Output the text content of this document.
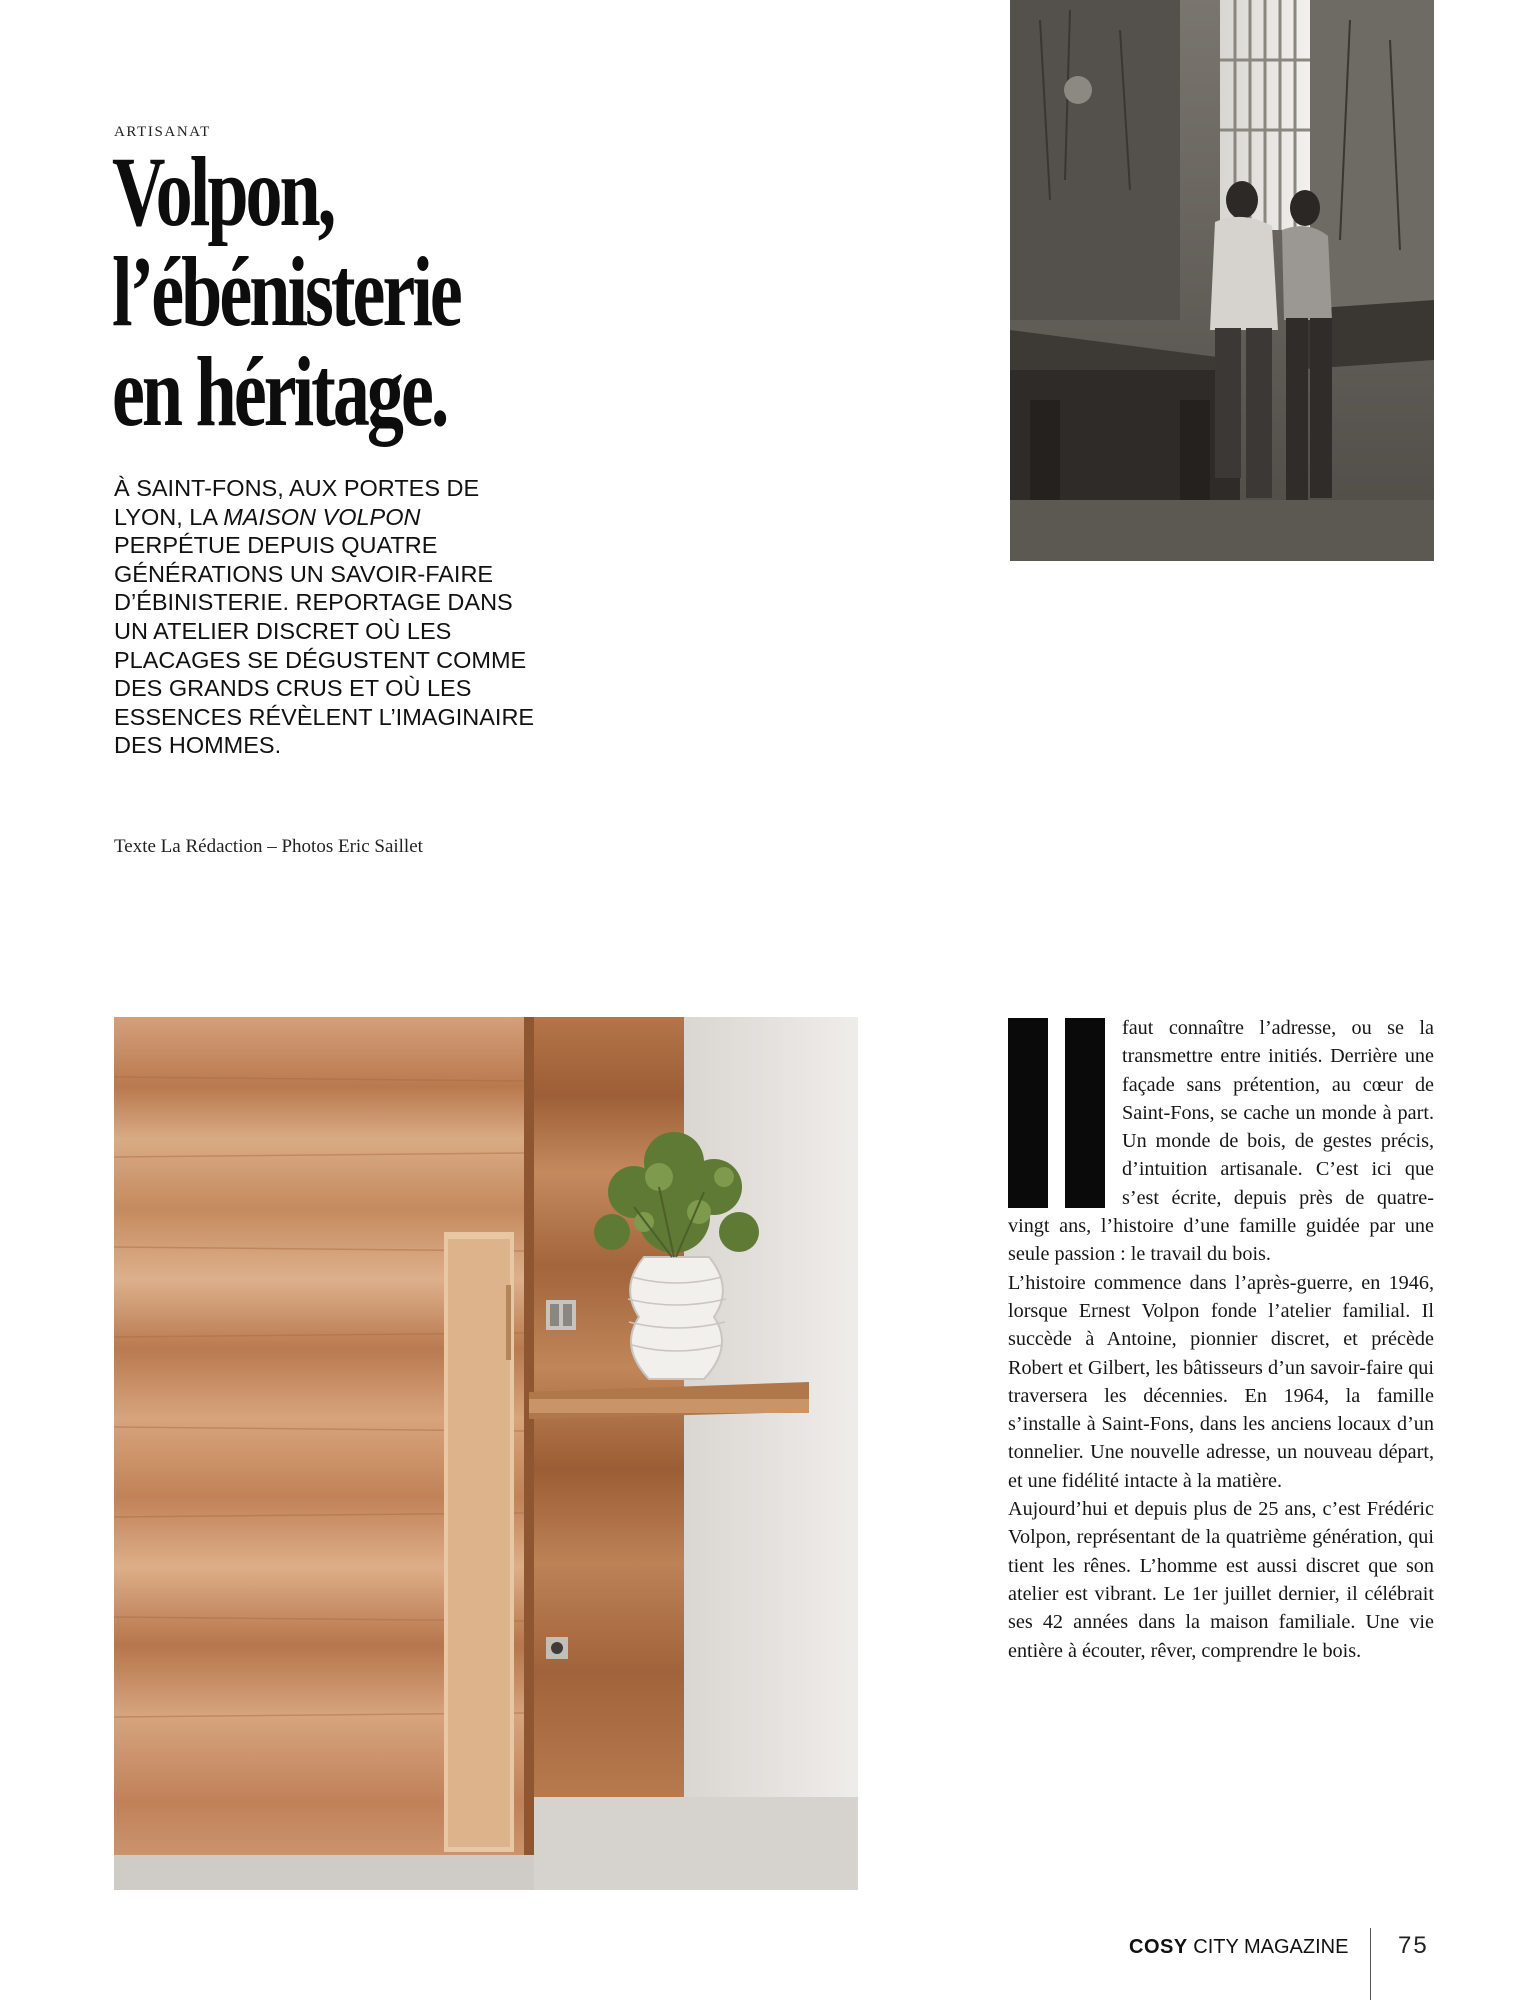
ARTISANAT
Volpon,
l’ébénisterie
en héritage.
À SAINT-FONS, AUX PORTES DE LYON, LA MAISON VOLPON PERPÉTUE DEPUIS QUATRE GÉNÉRATIONS UN SAVOIR-FAIRE D’ÉBINISTERIE. REPORTAGE DANS UN ATELIER DISCRET OÙ LES PLACAGES SE DÉGUSTENT COMME DES GRANDS CRUS ET OÙ LES ESSENCES RÉVÈLENT L’IMAGINAIRE DES HOMMES.
Texte La Rédaction – Photos Eric Saillet

faut connaître l’adresse, ou se la transmettre entre initiés. Derrière une façade sans prétention, au cœur de Saint-Fons, se cache un monde à part. Un monde de bois, de gestes précis, d’intuition artisanale. C’est ici que s’est écrite, depuis près de quatre-vingt ans, l’histoire d’une famille guidée par une seule passion : le travail du bois.

L’histoire commence dans l’après-guerre, en 1946, lorsque Ernest Volpon fonde l’atelier familial. Il succède à Antoine, pionnier discret, et précède Robert et Gilbert, les bâtisseurs d’un savoir-faire qui traversera les décennies. En 1964, la famille s’installe à Saint-Fons, dans les anciens locaux d’un tonnelier. Une nouvelle adresse, un nouveau départ, et une fidélité intacte à la matière.

Aujourd’hui et depuis plus de 25 ans, c’est Frédéric Volpon, représentant de la quatrième génération, qui tient les rênes. L’homme est aussi discret que son atelier est vibrant. Le 1er juillet dernier, il célébrait ses 42 années dans la maison familiale. Une vie entière à écouter, rêver, comprendre le bois.

COSY CITY MAGAZINE 75
